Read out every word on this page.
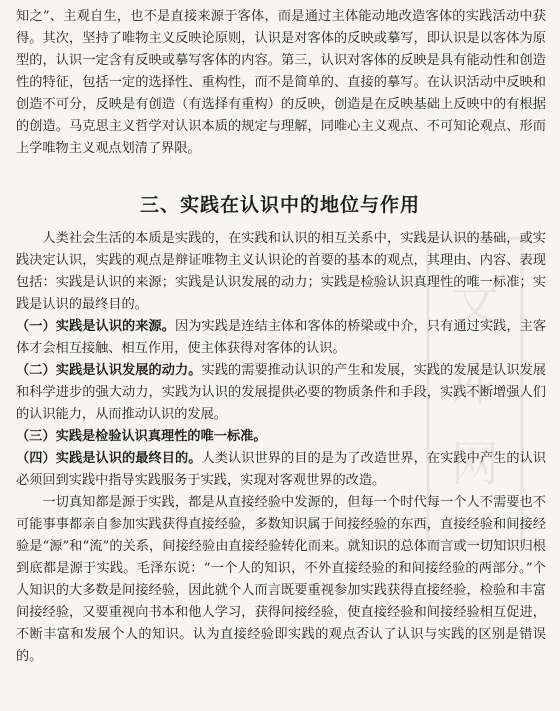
文
库
网

知之”、主观自生，也不是直接来源于客体，而是通过主体能动地改造客体的实践活动中获得。其次，坚持了唯物主义反映论原则，认识是对客体的反映或摹写，即认识是以客体为原型的，认识一定含有反映或摹写客体的内容。第三，认识对客体的反映是具有能动性和创造性的特征，包括一定的选择性、重构性，而不是简单的、直接的摹写。在认识活动中反映和创造不可分，反映是有创造（有选择有重构）的反映，创造是在反映基础上反映中的有根据的创造。马克思主义哲学对认识本质的规定与理解，同唯心主义观点、不可知论观点、形而上学唯物主义观点划清了界限。

三、实践在认识中的地位与作用

人类社会生活的本质是实践的，在实践和认识的相互关系中，实践是认识的基础，或实践决定认识，实践的观点是辩证唯物主义认识论的首要的基本的观点，其理由、内容、表现包括：实践是认识的来源；实践是认识发展的动力；实践是检验认识真理性的唯一标准；实践是认识的最终目的。

（一）实践是认识的来源。因为实践是连结主体和客体的桥梁或中介，只有通过实践，主客体才会相互接触、相互作用，使主体获得对客体的认识。

（二）实践是认识发展的动力。实践的需要推动认识的产生和发展，实践的发展是认识发展和科学进步的强大动力，实践为认识的发展提供必要的物质条件和手段，实践不断增强人们的认识能力，从而推动认识的发展。

（三）实践是检验认识真理性的唯一标准。

（四）实践是认识的最终目的。人类认识世界的目的是为了改造世界，在实践中产生的认识必须回到实践中指导实践服务于实践，实现对客观世界的改造。

一切真知都是源于实践，都是从直接经验中发源的，但每一个时代每一个人不需要也不可能事事都亲自参加实践获得直接经验，多数知识属于间接经验的东西，直接经验和间接经验是“源”和“流”的关系，间接经验由直接经验转化而来。就知识的总体而言或一切知识归根到底都是源于实践。毛泽东说：“一个人的知识，不外直接经验的和间接经验的两部分。”个人知识的大多数是间接经验，因此就个人而言既要重视参加实践获得直接经验，检验和丰富间接经验，又要重视向书本和他人学习，获得间接经验，使直接经验和间接经验相互促进，不断丰富和发展个人的知识。认为直接经验即实践的观点否认了认识与实践的区别是错误的。
